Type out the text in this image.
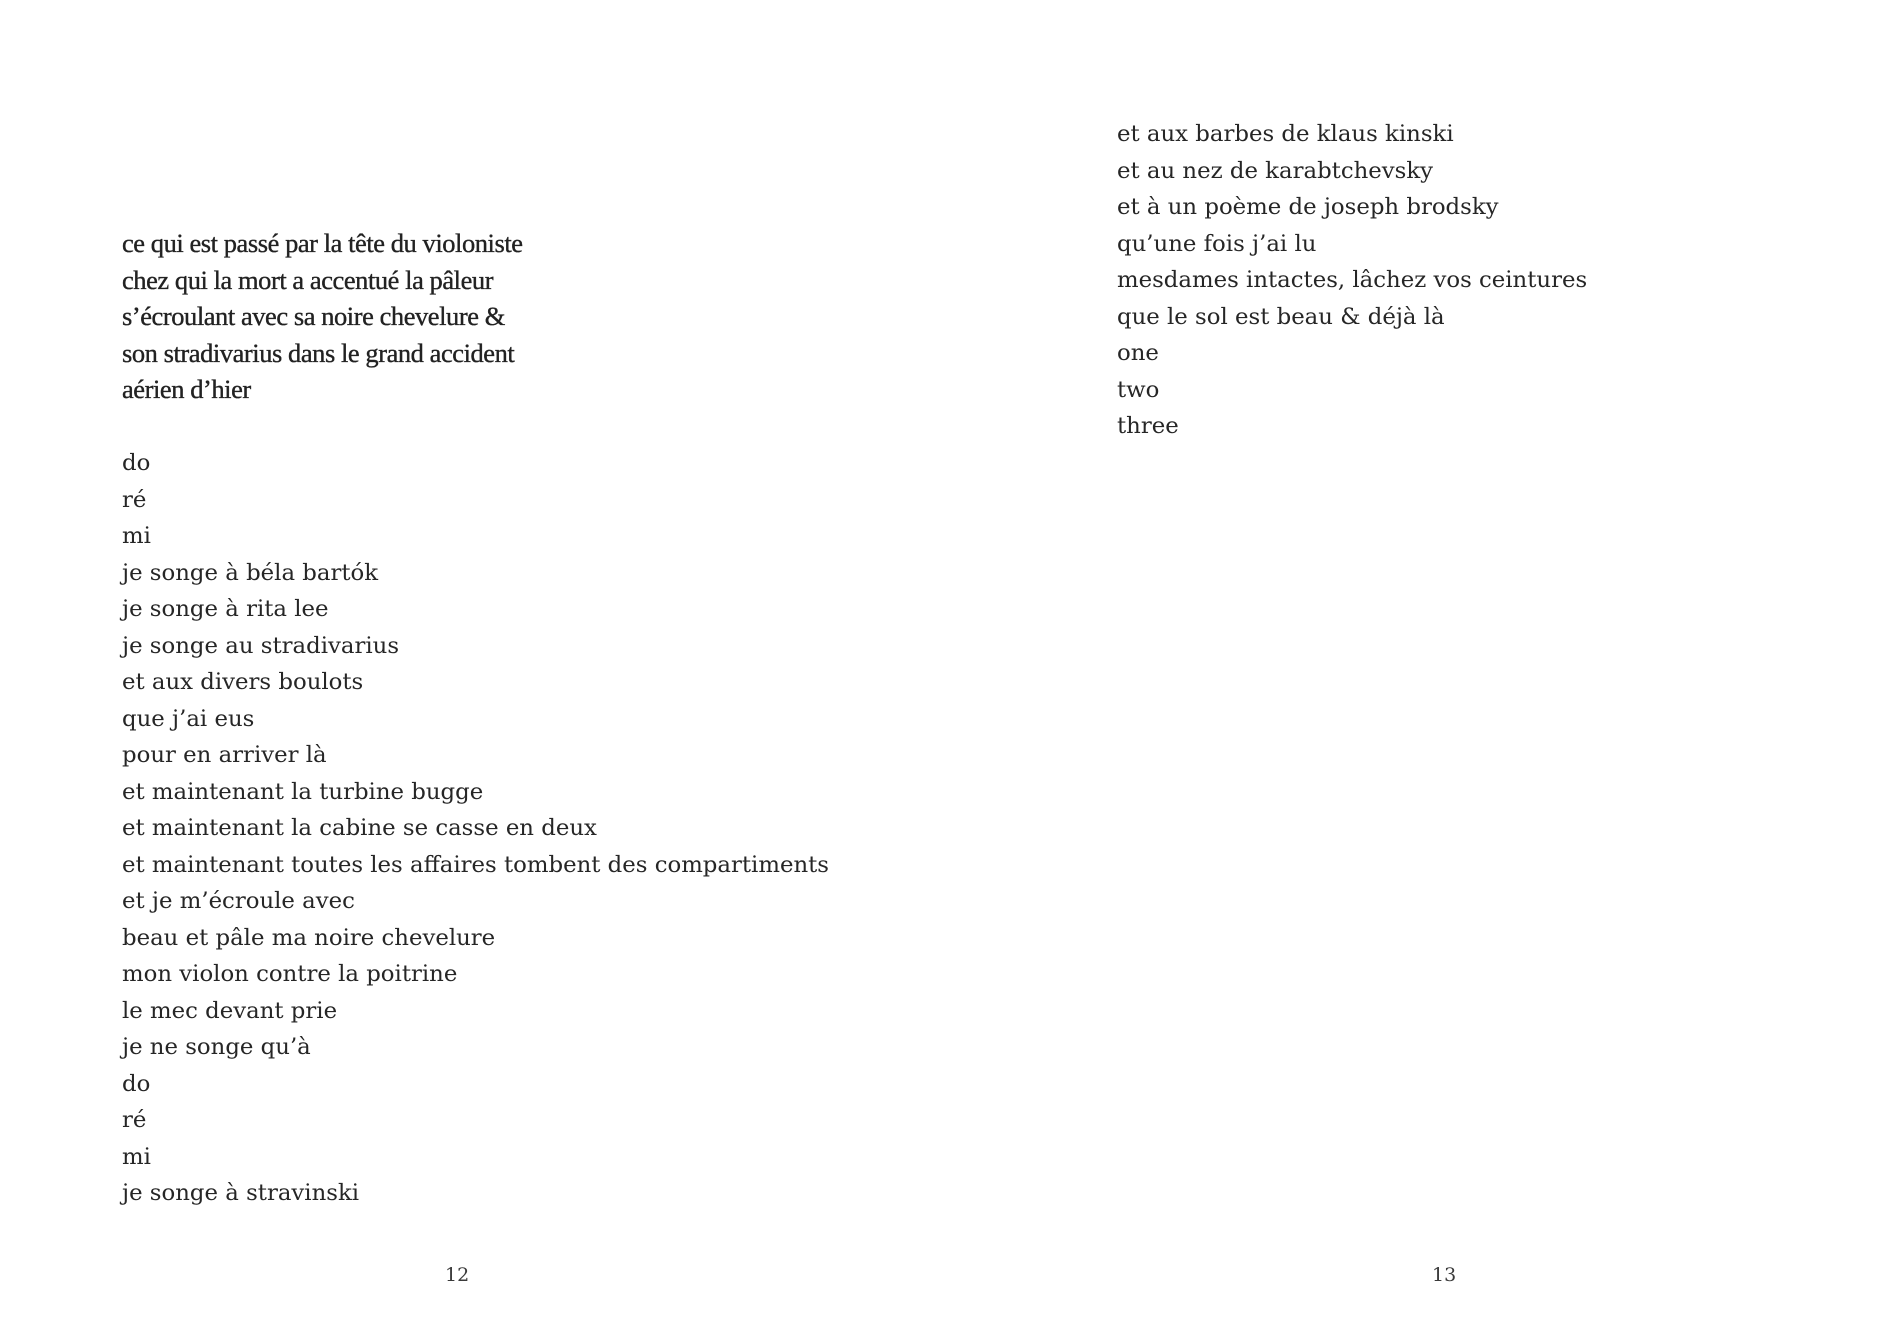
ce qui est passé par la tête du violoniste
chez qui la mort a accentué la pâleur
s’écroulant avec sa noire chevelure &
son stradivarius dans le grand accident
aérien d’hier
do
ré
mi
je songe à béla bartók
je songe à rita lee
je songe au stradivarius
et aux divers boulots
que j’ai eus
pour en arriver là
et maintenant la turbine bugge
et maintenant la cabine se casse en deux
et maintenant toutes les affaires tombent des compartiments
et je m’écroule avec
beau et pâle ma noire chevelure
mon violon contre la poitrine
le mec devant prie
je ne songe qu’à
do
ré
mi
je songe à stravinski
12
et aux barbes de klaus kinski
et au nez de karabtchevsky
et à un poème de joseph brodsky
qu’une fois j’ai lu
mesdames intactes, lâchez vos ceintures
que le sol est beau & déjà là
one
two
three
13
